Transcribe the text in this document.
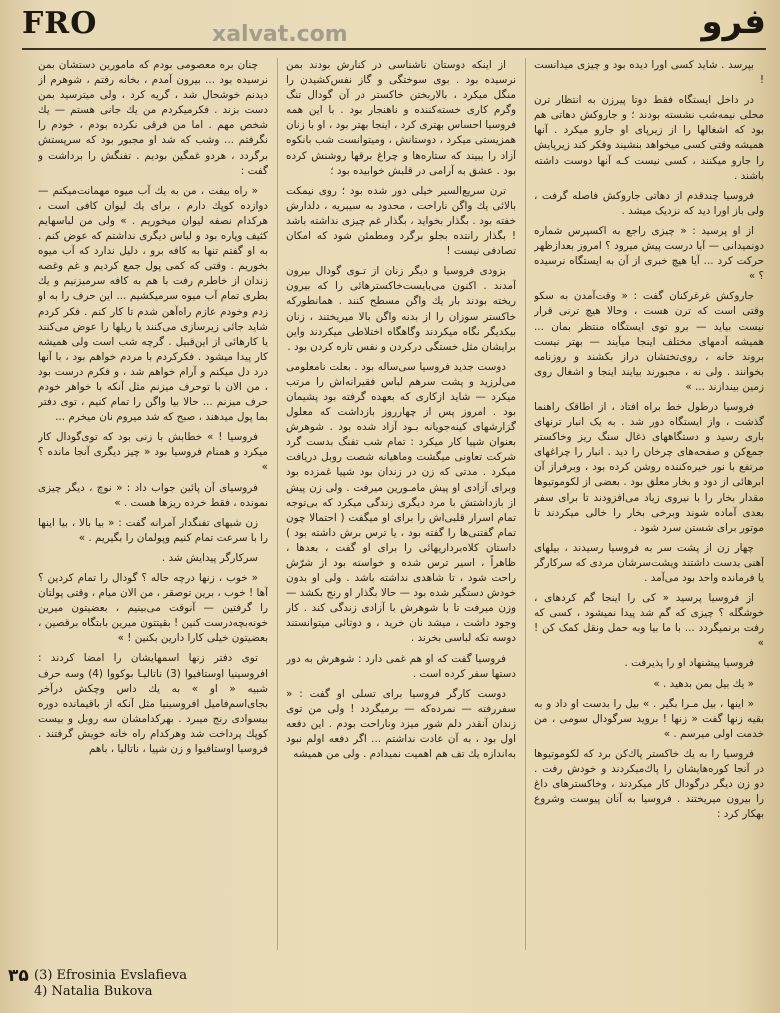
FRO	xalvat.com	فرو

بپرسد . شاید کسی اورا دیده بود و چیزی میدانست !

در داخل ایستگاه فقط دوتا پیرزن به انتظار ترن محلی نیمه‌شب نشسته بودند ؛ و جاروکش دهاتی هم بود که اشغالها را از زیرپای او جارو میکرد . آنها همیشه وقتی کسی میخواهد بنشیند وفکر کند زیرپایش را جارو میکنند ، کسی نیست کـه آنها دوست داشته باشند .

فروسیا چندقدم از دهاتی جاروکش فاصله گرفت ، ولی باز اورا دید که نزدیک میشد .

از او پرسید : « چیزی راجع به اکسپرس شماره دونمیدانی — آیا درست پیش میرود ؟ امروز بعدازظهر حرکت کرد ... آیا هیچ خبری از آن به ایستگاه نرسیده ؟ »

جاروکش غرغرکنان گفت : « وقت‌آمدن به سکو وقتی است که ترن هست ، وحالا هیچ ترنی قرار نیست بیاید — برو توی ایستگاه منتظر بمان ... همیشه آدمهای مختلف اینجا میآیند — بهتر نیست بروند خانه ، روی‌تختشان دراز بکشند و روزنامه بخوانند . ولی نه ، مجبورند بیایند اینجا و اشغال روی زمین بیندازند ... »

فروسیا درطول خط براه افتاد ، از اطاقک راهنما گذشت ، واز ایستگاه دور شد . به یک انبار ترنهای باری رسید و دستگاههای ذغال سنگ ریز وخاکستر جمع‌کن و صفحه‌های چرخان را دید . انبار را چراغهای مرتفع با نور خیره‌کننده روشن کرده بود ، وبرفراز آن ابرهائی از دود و بخار معلق بود . بعضی از لکوموتیوها مقدار بخار را با نیروی زیاد می‌افزودند تا برای سفر بعدی آماده شوند وبرخی بخار را خالی میکردند تا موتور برای شستن سرد شود .

چهار زن از پشت سر به فروسیا رسیدند ، بیلهای آهنی بدست داشتند ویشت‌سرشان مردی که سرکارگر یا فرمانده واحد بود می‌آمد .

از فروسیا پرسید « کی را اینجا گم کردهای ، خوشگله ؟ چیزی که گم شد پیدا نمیشود ، کسی که رفت برنمیگردد ... با ما بیا وبه حمل ونقل کمک کن ! »

فروسیا پیشنهاد او را پذیرفت .

« یك بیل بمن بدهید . »

« اینها ، بیل مـرا بگیر . » بیل را بدست او داد و به بقیه زنها گفت « زنها ! بروید سرگودال سومی ، من خدمت اولی میرسم . »

فروسیا را به یك خاکستر پاك‌کن برد که لکوموتیوها در آنجا کوره‌هایشان را پاك‌میکردند و خودش رفت . دو زن دیگر درگودال کار میکردند ، وخاکسترهای داغ را بیرون میریختند . فروسیا به آنان پیوست وشروع بهکار کرد :

از اینکه دوستان ناشناسی در کنارش بودند بمن نرسیده بود . بوی سوختگی و گاز نفس‌کشیدن را منگل میکرد ، بالاربختن خاکستر در آن گودال تنگ وگرم کاری خسته‌کننده و ناهنجار بود . با این همه فروسیا احساس بهتری کرد ، اینجا بهتر بود ، او با زنان همزیستی میکرد ، دوستانش ، ومیتوانست شب بانکوه آزاد را ببیند که ستاره‌ها و چراغ برقها روشنش کرده بود . عشق به آرامی در قلبش خوابیده بود ؛

ترن سریع‌السیر خیلی دور شده بود ؛ روی نیمکت بالائی یك واگن ناراحت ، محدود به سیبریه ، دلدارش خفته بود . بگذار بخواید ، بگذار غم چیزی نداشته باشد ! بگذار رانتده بجلو برگرد ومطمئن شود که امکان تصادفی نیست !

بزودی فروسیا و دیگر زنان از تـوی گودال بیرون آمدند . اکنون می‌بایست‌خاکستر‌هائی را که بیرون ریخته بودند بار یك واگن مسطح کنند . همانطورکه خاکستر سوزان را از بدنه واگن بالا میریختند ، زنان بیکدیگر نگاه میکردند وگاهگاه اختلاطی میکردند واین برایشان مثل خستگی درکردن و نفس تازه کردن بود .

دوست جدید فروسیا سی‌ساله بود . بعلت نامعلومی می‌لرزید و پشت سرهم لباس فقیرانه‌اش را مرتب میکرد — شاید ازکاری که بعهده گرفته بود پشیمان بود . امروز پس از چهارروز بازداشت که معلول گزارشهای کینه‌جویانه بـود آزاد شده بود . شوهرش بعنوان شپیا کار میکرد : تمام شب تفنگ بدست گرد شرکت تعاونی میگشت وماهیانه شصت روبل دریافت میکرد . مدتی که زن در زندان بود شپیا غمزده بود وبرای آزادی او پیش مامـورین میرفت . ولی زن پیش از بازداشتش با مرد دیگری زندگی میکرد که بی‌توجه تمام اسرار قلبی‌اش را برای او میگفت ( احتمالا چون تمام گفتنی‌ها را گفته بود ، یا ترس برش داشته بود ) داستان کلاه‌برداریهائی را برای او گفت ، بعدها ، ظاهراً ، اسیر ترس شده و خواسته بود از شرّش راحت شود ، تا شاهدی نداشته باشد . ولی او بدون خودش دستگیر شده بود — حالا بگذار او رنج بکشد — وزن میرفت تا با شوهرش با آزادی زندگی کند . کار وجود داشت ، میشد نان خرید ، و دوتائی میتوانستند دوسه تکه لباسی بخرند .

فروسیا گفت که او هم غمی دارد : شوهرش به دور دستها سفر کرده است .

دوست کارگر فروسیا برای تسلی او گفت : « سفررفته — نمرده‌که — برمیگردد ! ولی من توی زندان آنقدر دلم شور میزد وناراحت بودم . این دفعه اول بود ، به آن عادت نداشتم ... اگر دفعه اولم نبود به‌اندازه یك تف هم اهمیت نمیدادم . ولی من همیشه

چنان بره معصومی بودم که مامورین دستشان بمن نرسیده بود ... بیرون آمدم ، بخانه رفتم ، شوهرم از دیدنم خوشحال شد ، گریه کرد ، ولی میترسید بمن دست بزند . فکرمیکردم من یك جانی هستم — یك شخص مهم . اما من فرقی نکرده بودم ، خودم را نگرفتم ... وشب که شد او مجبور بود که سرپستش برگردد ، هردو غمگین بودیم . تفنگش را برداشت و گفت :

« راه بیفت ، من به یك آب میوه مهمانت‌میکنم — دوازده کوپك دارم ، برای یك لیوان کافی است ، هرکدام نصفه لیوان میخوریم . » ولی من لباسهایم کثیف وپاره بود و لباس دیگری نداشتم که عوض کنم . به او گفتم تنها به کافه برو ، دلیل ندارد که آب میوه بخوریم . وقتی که کمی پول جمع کردیم و غم وغصه زندان از خاطرم رفت با هم به کافه سرمیزنیم و یك بطری تمام آب میوه سرمیکشیم ... این حرف را به او زدم وخودم عازم راه‌آهن شدم تا کار کنم . فکر کردم شاید جائی زیرسازی می‌کنند یا ریلها را عوض می‌کنند یا کارهائی از این‌قبیل . گرچه شب است ولی همیشه کار پیدا میشود . فکرکردم با مردم خواهم بود ، با آنها درد دل میکنم و آرام خواهم شد ، و فکرم درست بود ، من الان با توحرف میزنم مثل آنکه با خواهر خودم حرف میزنم ... حالا بیا واگن را تمام کنیم ، توی دفتر بما پول میدهند ، صبح که شد میروم نان میخرم ...

فروسیا ! » خطابش با زنی بود که توی‌گودال کار میکرد و همنام فروسیا بود « چیز دیگری آنجا مانده ؟ »

فروسیای آن پائین جواب داد : « نوچ ، دیگر چیزی نمونده ، فقط خرده ریزها هست . »

زن شبهای تفنگدار آمرانه گفت : « بیا بالا ، بیا اینها را با سرعت تمام کنیم وپولمان را بگیریم . »

سرکارگر پیدایش شد .

« خوب ، زنها درچه حاله ؟ گودال را تمام کردین ؟ آها ! خوب ، برین توصقر ، من الان میام ، وقتی پولتان را گرفتین — آنوقت می‌بینیم ، بعضیتون میرین خونه‌بچه‌‌درست کنین ! بقیتتون میرین بابتگاه برقصین ، بعضیتون خیلی کارا دارین بکنین ! »

توی دفتر زنها اسمهایشان را امضا کردند : افروسینیا اوستافیوا (3) ناتالیـا بوکووا (4) وسه حرف شبیه « او » به یك داس وچکش درآخر بجای‌اسم‌فامیل افروسینیا مثل آنکه از باقیمانده دوره بیسوادی رنج میبرد . بهرکدامشان سه روبل و بیست کوپك پرداخت شد وهرکدام راه خانه خویش گرفتند . فروسیا اوستافیوا و زن شپیا ، ناتالیا ، باهم

۳۵ (3) Efrosinia Evslafieva
4) Natalia Bukova
